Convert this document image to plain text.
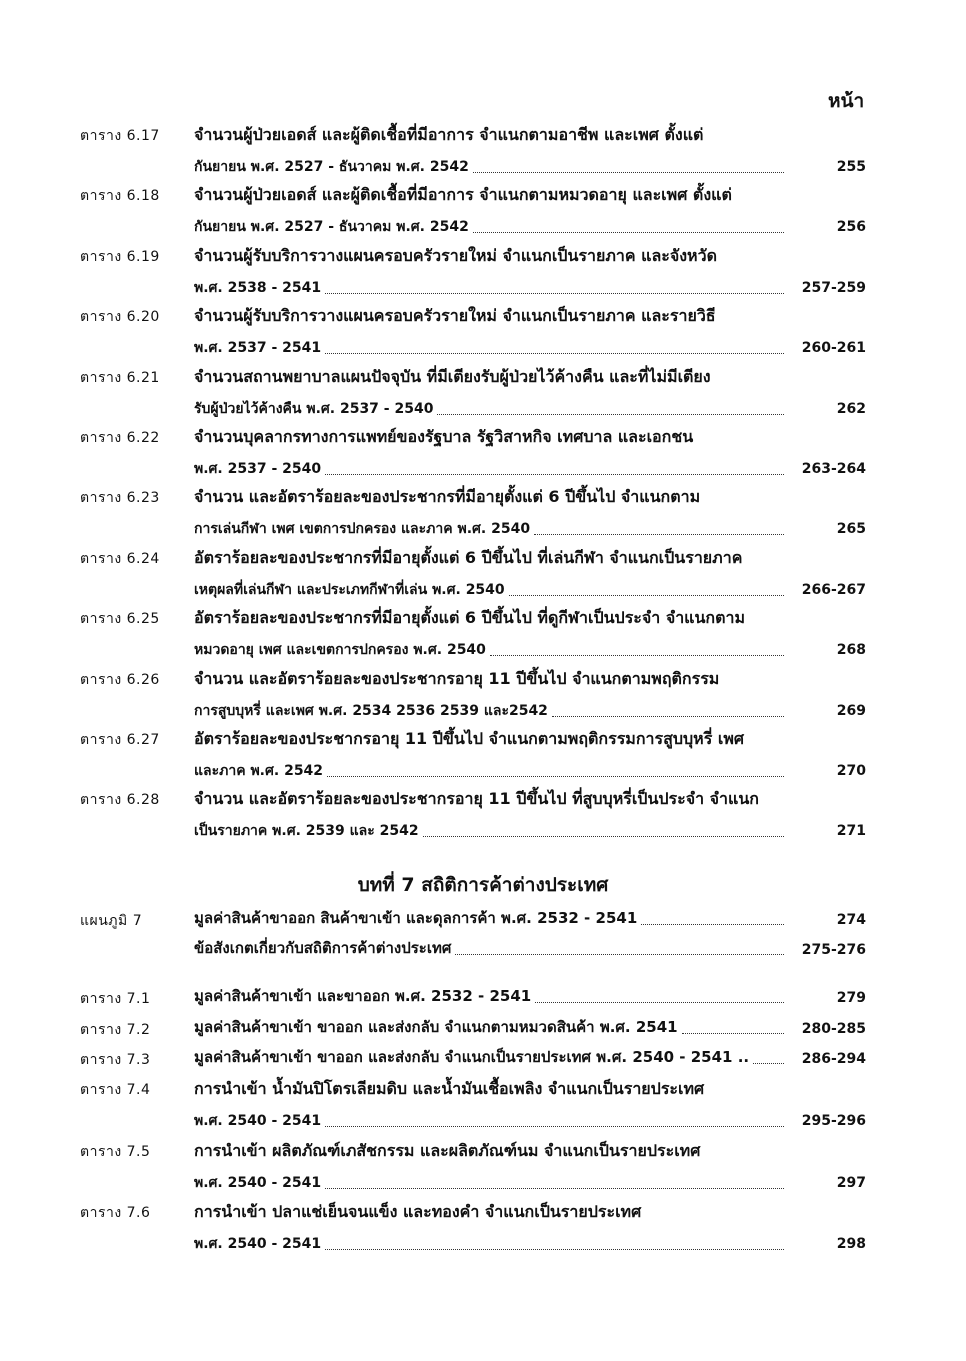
หน้า
ตาราง 6.17 จำนวนผู้ป่วยเอดส์ และผู้ติดเชื้อที่มีอาการ จำแนกตามอาชีพ และเพศ ตั้งแต่
กันยายน พ.ศ. 2527 - ธันวาคม พ.ศ. 2542	255
ตาราง 6.18 จำนวนผู้ป่วยเอดส์ และผู้ติดเชื้อที่มีอาการ จำแนกตามหมวดอายุ และเพศ ตั้งแต่
กันยายน พ.ศ. 2527 - ธันวาคม พ.ศ. 2542	256
ตาราง 6.19 จำนวนผู้รับบริการวางแผนครอบครัวรายใหม่ จำแนกเป็นรายภาค และจังหวัด
พ.ศ. 2538 - 2541	257-259
ตาราง 6.20 จำนวนผู้รับบริการวางแผนครอบครัวรายใหม่ จำแนกเป็นรายภาค และรายวิธี
พ.ศ. 2537 - 2541	260-261
ตาราง 6.21 จำนวนสถานพยาบาลแผนปัจจุบัน ที่มีเตียงรับผู้ป่วยไว้ค้างคืน และที่ไม่มีเตียง
รับผู้ป่วยไว้ค้างคืน พ.ศ. 2537 - 2540	262
ตาราง 6.22 จำนวนบุคลากรทางการแพทย์ของรัฐบาล รัฐวิสาหกิจ เทศบาล และเอกชน
พ.ศ. 2537 - 2540	263-264
ตาราง 6.23 จำนวน และอัตราร้อยละของประชากรที่มีอายุตั้งแต่ 6 ปีขึ้นไป จำแนกตาม
การเล่นกีฬา เพศ เขตการปกครอง และภาค พ.ศ. 2540	265
ตาราง 6.24 อัตราร้อยละของประชากรที่มีอายุตั้งแต่ 6 ปีขึ้นไป ที่เล่นกีฬา จำแนกเป็นรายภาค
เหตุผลที่เล่นกีฬา และประเภทกีฬาที่เล่น พ.ศ. 2540	266-267
ตาราง 6.25 อัตราร้อยละของประชากรที่มีอายุตั้งแต่ 6 ปีขึ้นไป ที่ดูกีฬาเป็นประจำ จำแนกตาม
หมวดอายุ เพศ และเขตการปกครอง พ.ศ. 2540	268
ตาราง 6.26 จำนวน และอัตราร้อยละของประชากรอายุ 11 ปีขึ้นไป จำแนกตามพฤติกรรม
การสูบบุหรี่ และเพศ พ.ศ. 2534 2536 2539 และ2542	269
ตาราง 6.27 อัตราร้อยละของประชากรอายุ 11 ปีขึ้นไป จำแนกตามพฤติกรรมการสูบบุหรี่ เพศ
และภาค พ.ศ. 2542	270
ตาราง 6.28 จำนวน และอัตราร้อยละของประชากรอายุ 11 ปีขึ้นไป ที่สูบบุหรี่เป็นประจำ จำแนก
เป็นรายภาค พ.ศ. 2539 และ 2542	271
บทที่ 7 สถิติการค้าต่างประเทศ
แผนภูมิ 7	มูลค่าสินค้าขาออก สินค้าขาเข้า และดุลการค้า พ.ศ. 2532 - 2541	274
ข้อสังเกตเกี่ยวกับสถิติการค้าต่างประเทศ	275-276
ตาราง 7.1	มูลค่าสินค้าขาเข้า และขาออก พ.ศ. 2532 - 2541	279
ตาราง 7.2	มูลค่าสินค้าขาเข้า ขาออก และส่งกลับ จำแนกตามหมวดสินค้า พ.ศ. 2541	280-285
ตาราง 7.3	มูลค่าสินค้าขาเข้า ขาออก และส่งกลับ จำแนกเป็นรายประเทศ พ.ศ. 2540 - 2541 ..	286-294
ตาราง 7.4	การนำเข้า น้ำมันปิโตรเลียมดิบ และน้ำมันเชื้อเพลิง จำแนกเป็นรายประเทศ
พ.ศ. 2540 - 2541	295-296
ตาราง 7.5	การนำเข้า ผลิตภัณฑ์เภสัชกรรม และผลิตภัณฑ์นม จำแนกเป็นรายประเทศ
พ.ศ. 2540 - 2541	297
ตาราง 7.6	การนำเข้า ปลาแช่เย็นจนแข็ง และทองคำ จำแนกเป็นรายประเทศ
พ.ศ. 2540 - 2541	298
